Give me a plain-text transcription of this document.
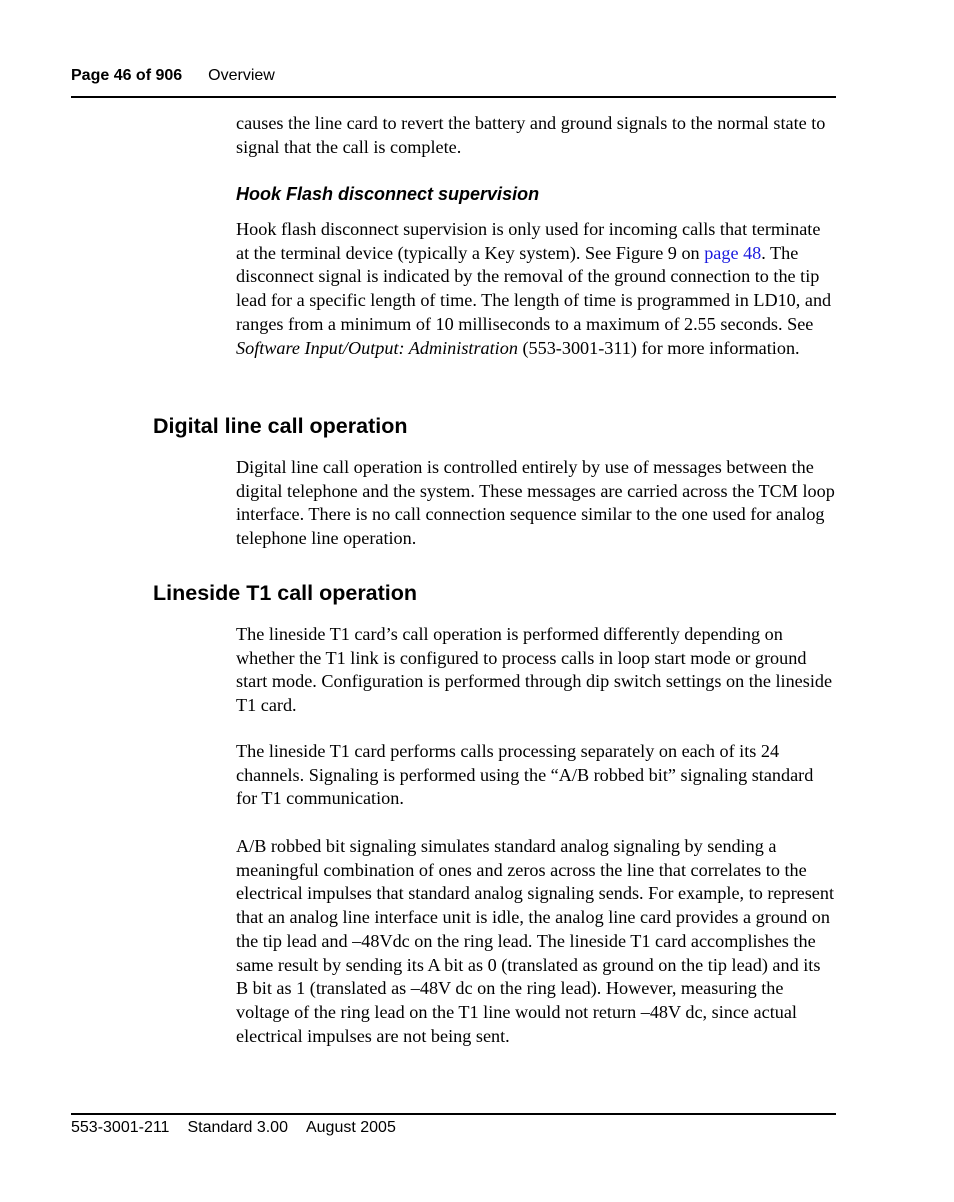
Page 46 of 906 Overview

causes the line card to revert the battery and ground signals to the normal state to signal that the call is complete.

Hook Flash disconnect supervision

Hook flash disconnect supervision is only used for incoming calls that terminate at the terminal device (typically a Key system). See Figure 9 on page 48. The disconnect signal is indicated by the removal of the ground connection to the tip lead for a specific length of time. The length of time is programmed in LD10, and ranges from a minimum of 10 milliseconds to a maximum of 2.55 seconds. See Software Input/Output: Administration (553-3001-311) for more information.

Digital line call operation

Digital line call operation is controlled entirely by use of messages between the digital telephone and the system. These messages are carried across the TCM loop interface. There is no call connection sequence similar to the one used for analog telephone line operation.

Lineside T1 call operation

The lineside T1 card’s call operation is performed differently depending on whether the T1 link is configured to process calls in loop start mode or ground start mode. Configuration is performed through dip switch settings on the lineside T1 card.

The lineside T1 card performs calls processing separately on each of its 24 channels. Signaling is performed using the “A/B robbed bit” signaling standard for T1 communication.

A/B robbed bit signaling simulates standard analog signaling by sending a meaningful combination of ones and zeros across the line that correlates to the electrical impulses that standard analog signaling sends. For example, to represent that an analog line interface unit is idle, the analog line card provides a ground on the tip lead and –48Vdc on the ring lead. The lineside T1 card accomplishes the same result by sending its A bit as 0 (translated as ground on the tip lead) and its B bit as 1 (translated as –48V dc on the ring lead). However, measuring the voltage of the ring lead on the T1 line would not return –48V dc, since actual electrical impulses are not being sent.

553-3001-211 Standard 3.00 August 2005
